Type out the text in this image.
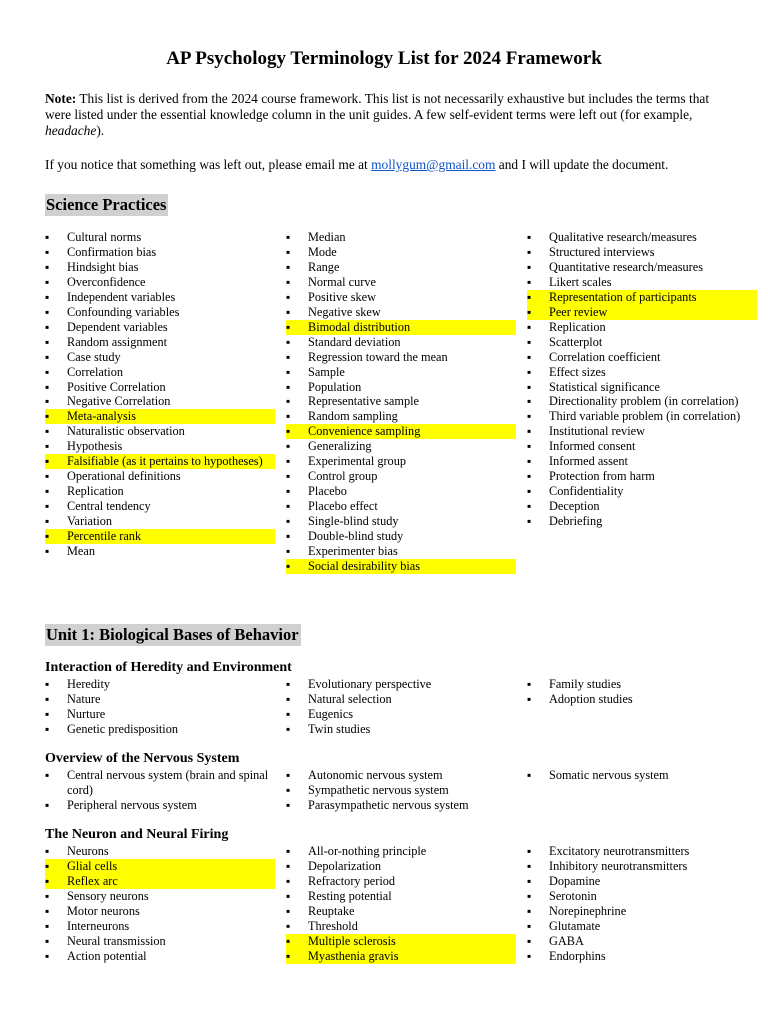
AP Psychology Terminology List for 2024 Framework
Note: This list is derived from the 2024 course framework. This list is not necessarily exhaustive but includes the terms that were listed under the essential knowledge column in the unit guides. A few self-evident terms were left out (for example, headache).
If you notice that something was left out, please email me at mollygum@gmail.com and I will update the document.
Science Practices
▪ Cultural norms
▪ Confirmation bias
▪ Hindsight bias
▪ Overconfidence
▪ Independent variables
▪ Confounding variables
▪ Dependent variables
▪ Random assignment
▪ Case study
▪ Correlation
▪ Positive Correlation
▪ Negative Correlation
▪ Meta-analysis
▪ Naturalistic observation
▪ Hypothesis
▪ Falsifiable (as it pertains to hypotheses)
▪ Operational definitions
▪ Replication
▪ Central tendency
▪ Variation
▪ Percentile rank
▪ Mean
▪ Median
▪ Mode
▪ Range
▪ Normal curve
▪ Positive skew
▪ Negative skew
▪ Bimodal distribution
▪ Standard deviation
▪ Regression toward the mean
▪ Sample
▪ Population
▪ Representative sample
▪ Random sampling
▪ Convenience sampling
▪ Generalizing
▪ Experimental group
▪ Control group
▪ Placebo
▪ Placebo effect
▪ Single-blind study
▪ Double-blind study
▪ Experimenter bias
▪ Social desirability bias
▪ Qualitative research/measures
▪ Structured interviews
▪ Quantitative research/measures
▪ Likert scales
▪ Representation of participants
▪ Peer review
▪ Replication
▪ Scatterplot
▪ Correlation coefficient
▪ Effect sizes
▪ Statistical significance
▪ Directionality problem (in correlation)
▪ Third variable problem (in correlation)
▪ Institutional review
▪ Informed consent
▪ Informed assent
▪ Protection from harm
▪ Confidentiality
▪ Deception
▪ Debriefing
Unit 1: Biological Bases of Behavior
Interaction of Heredity and Environment
▪ Heredity
▪ Nature
▪ Nurture
▪ Genetic predisposition
▪ Evolutionary perspective
▪ Natural selection
▪ Eugenics
▪ Twin studies
▪ Family studies
▪ Adoption studies
Overview of the Nervous System
▪ Central nervous system (brain and spinal cord)
▪ Peripheral nervous system
▪ Autonomic nervous system
▪ Sympathetic nervous system
▪ Parasympathetic nervous system
▪ Somatic nervous system
The Neuron and Neural Firing
▪ Neurons
▪ Glial cells
▪ Reflex arc
▪ Sensory neurons
▪ Motor neurons
▪ Interneurons
▪ Neural transmission
▪ Action potential
▪ All-or-nothing principle
▪ Depolarization
▪ Refractory period
▪ Resting potential
▪ Reuptake
▪ Threshold
▪ Multiple sclerosis
▪ Myasthenia gravis
▪ Excitatory neurotransmitters
▪ Inhibitory neurotransmitters
▪ Dopamine
▪ Serotonin
▪ Norepinephrine
▪ Glutamate
▪ GABA
▪ Endorphins
